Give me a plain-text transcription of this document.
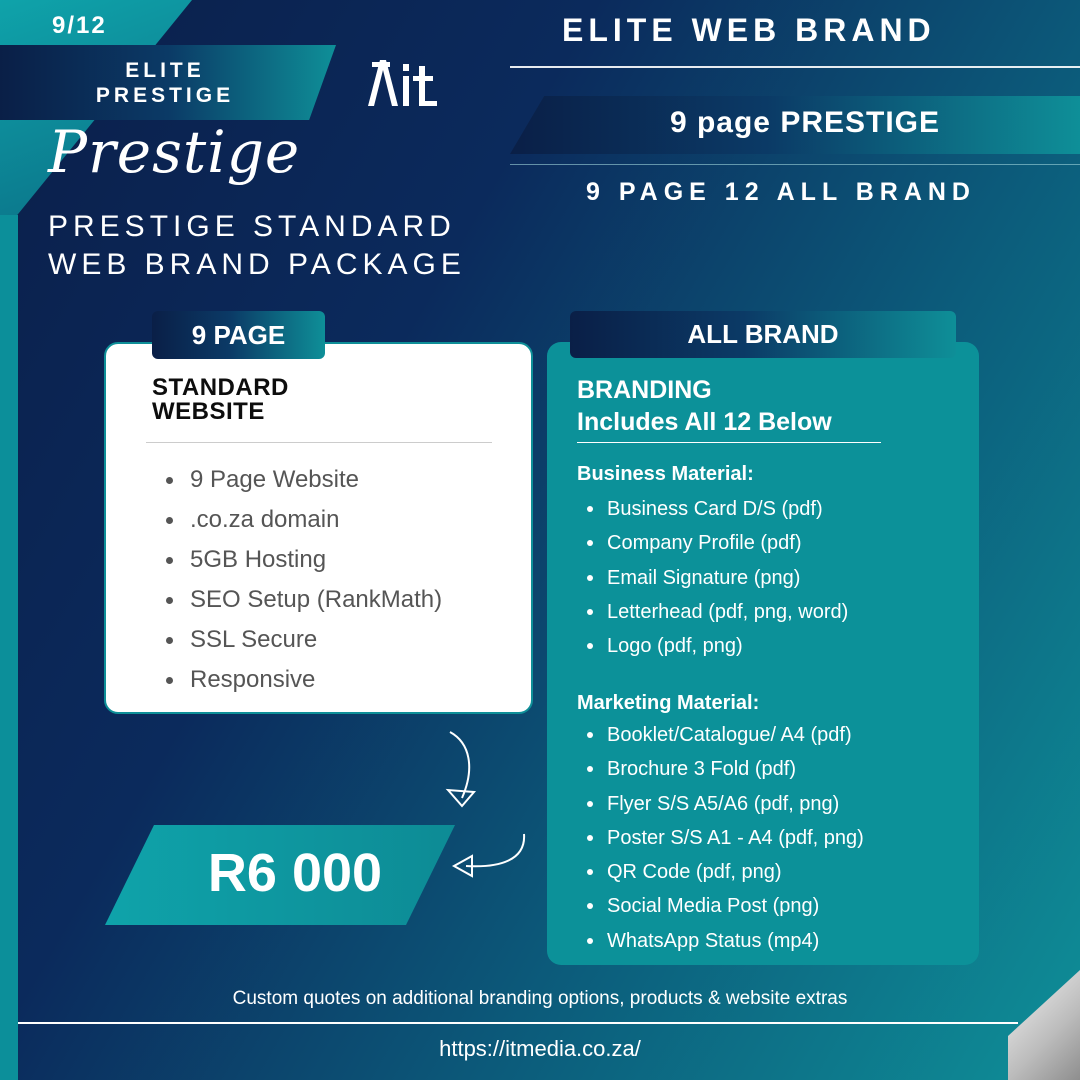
9/12
ELITE
PRESTIGE
Prestige
PRESTIGE STANDARD
WEB BRAND PACKAGE
ELITE WEB BRAND
9 page PRESTIGE
9 PAGE 12 ALL BRAND
9 PAGE
STANDARD
WEBSITE
9 Page Website
.co.za domain
5GB Hosting
SEO Setup (RankMath)
SSL Secure
Responsive
ALL BRAND
BRANDING
Includes All 12 Below
Business Material:
Business Card D/S (pdf)
Company Profile (pdf)
Email Signature (png)
Letterhead (pdf, png, word)
Logo (pdf, png)
Marketing Material:
Booklet/Catalogue/ A4 (pdf)
Brochure 3 Fold (pdf)
Flyer S/S A5/A6 (pdf, png)
Poster S/S A1 - A4 (pdf, png)
QR Code (pdf, png)
Social Media Post (png)
WhatsApp Status (mp4)
R6 000
Custom quotes on additional branding options, products & website extras
https://itmedia.co.za/
